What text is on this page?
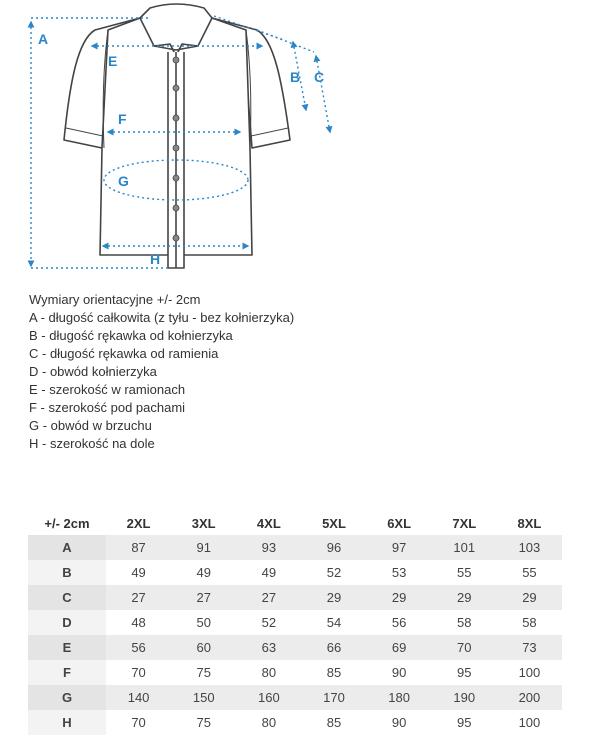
A
B C
E
F
G
H
Wymiary orientacyjne +/- 2cm
A - długość całkowita (z tyłu - bez kołnierzyka)
B - długość rękawka od kołnierzyka
C - długość rękawka od ramienia
D - obwód kołnierzyka
E - szerokość w ramionach
F - szerokość pod pachami
G - obwód w brzuchu
H - szerokość na dole
+/- 2cm	2XL	3XL	4XL	5XL	6XL	7XL	8XL
A	87	91	93	96	97	101	103
B	49	49	49	52	53	55	55
C	27	27	27	29	29	29	29
D	48	50	52	54	56	58	58
E	56	60	63	66	69	70	73
F	70	75	80	85	90	95	100
G	140	150	160	170	180	190	200
H	70	75	80	85	90	95	100
